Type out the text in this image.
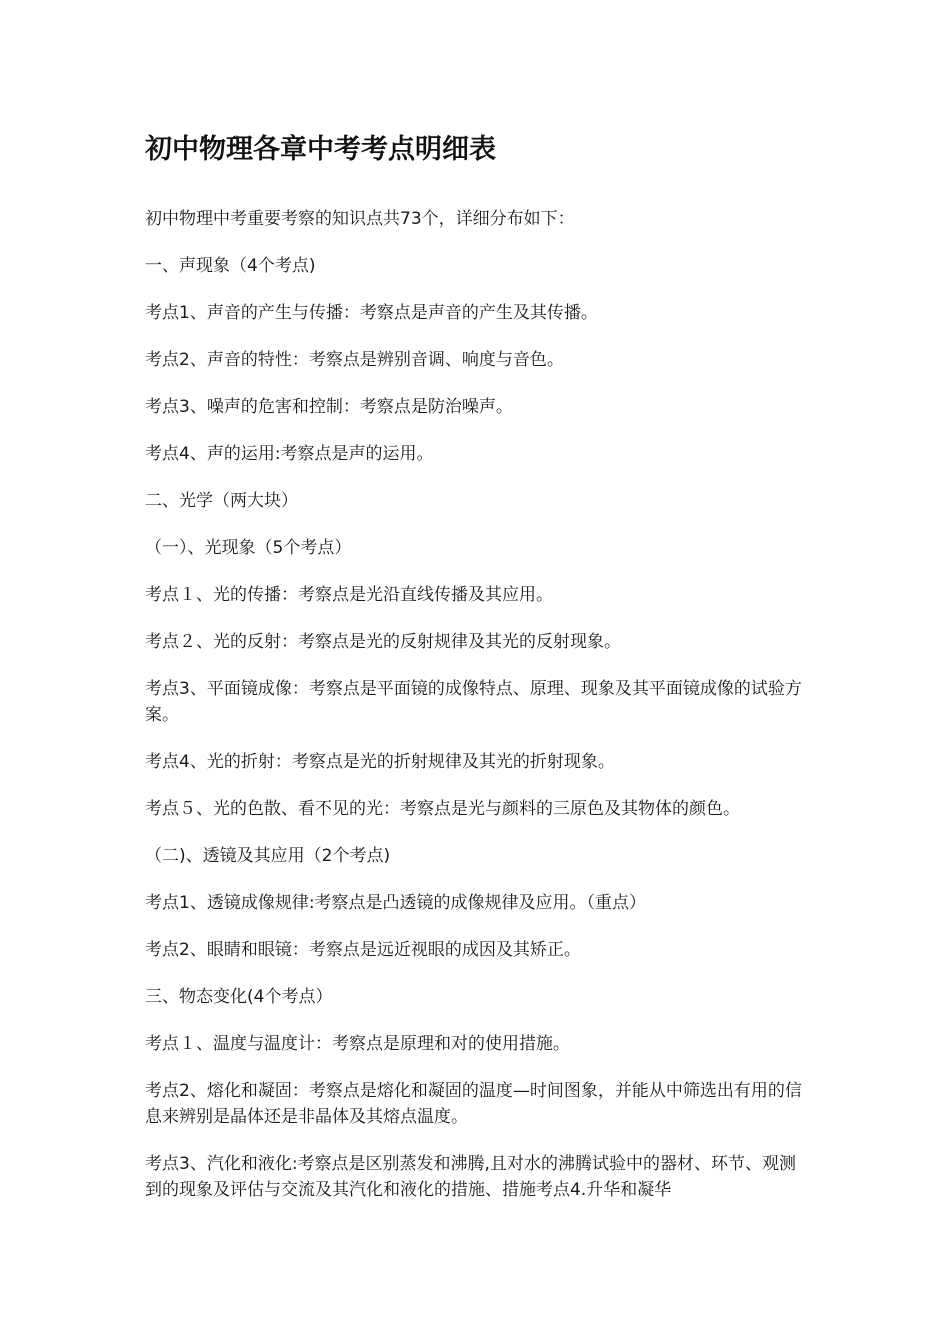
初中物理各章中考考点明细表

初中物理中考重要考察的知识点共73个，详细分布如下：

一、声现象（4个考点)

考点1、声音的产生与传播：考察点是声音的产生及其传播。

考点2、声音的特性：考察点是辨别音调、响度与音色。

考点3、噪声的危害和控制：考察点是防治噪声。

考点4、声的运用:考察点是声的运用。

二、光学（两大块）

（一）、光现象（5个考点）

考点１、光的传播：考察点是光沿直线传播及其应用。

考点２、光的反射：考察点是光的反射规律及其光的反射现象。

考点3、平面镜成像：考察点是平面镜的成像特点、原理、现象及其平面镜成像的试验方案。

考点4、光的折射：考察点是光的折射规律及其光的折射现象。

考点５、光的色散、看不见的光：考察点是光与颜料的三原色及其物体的颜色。

（二)、透镜及其应用（2个考点)

考点1、透镜成像规律:考察点是凸透镜的成像规律及应用。（重点）

考点2、眼睛和眼镜：考察点是远近视眼的成因及其矫正。

三、物态变化(4个考点）

考点１、温度与温度计：考察点是原理和对的使用措施。

考点2、熔化和凝固：考察点是熔化和凝固的温度—时间图象，并能从中筛选出有用的信息来辨别是晶体还是非晶体及其熔点温度。

考点3、汽化和液化:考察点是区别蒸发和沸腾,且对水的沸腾试验中的器材、环节、观测到的现象及评估与交流及其汽化和液化的措施、措施考点4.升华和凝华
